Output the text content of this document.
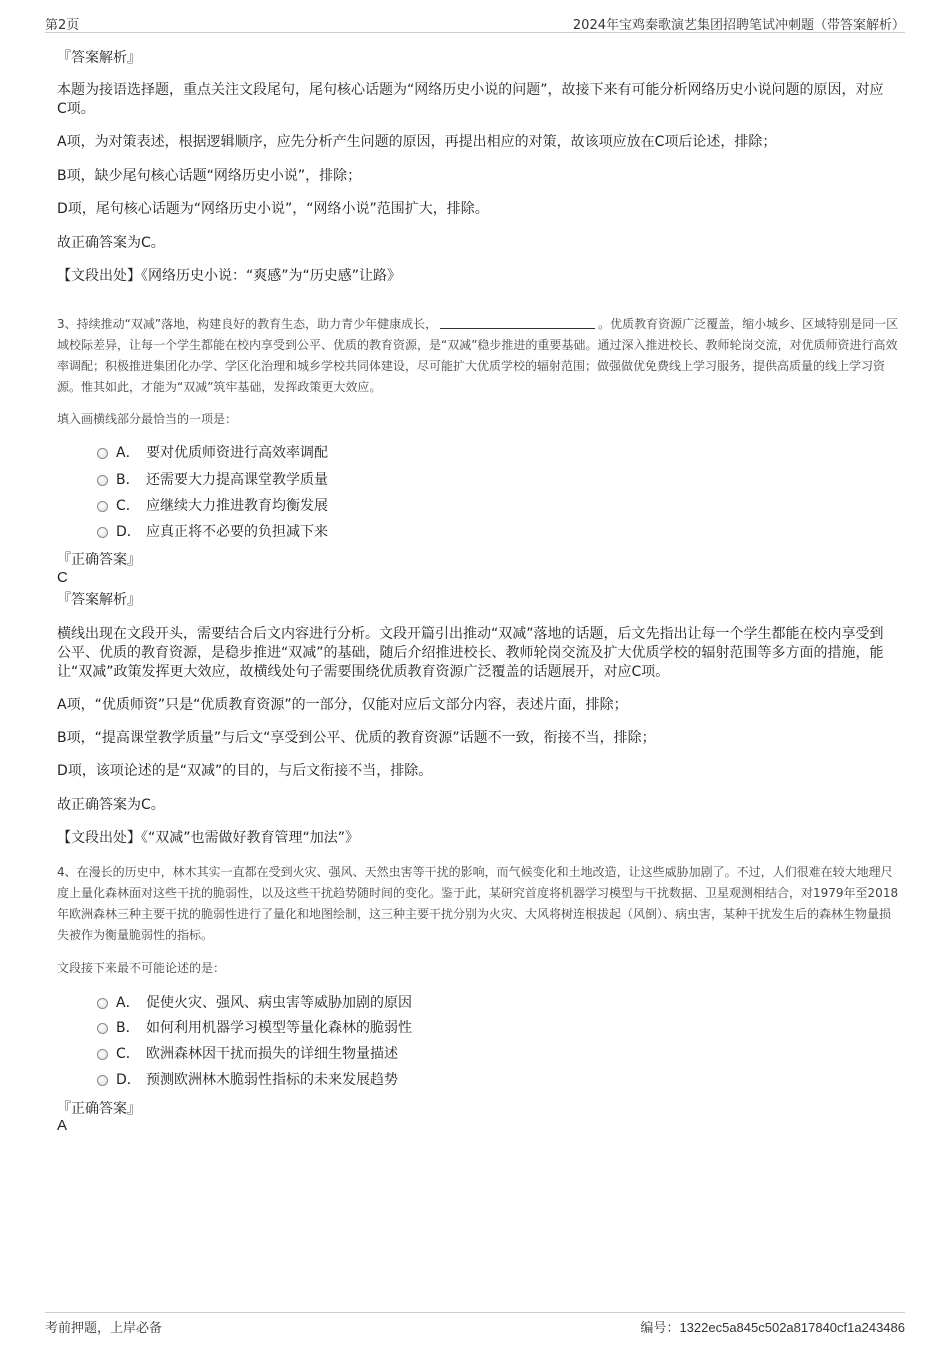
第2页	2024年宝鸡秦歌演艺集团招聘笔试冲刺题（带答案解析）
『答案解析』
本题为接语选择题，重点关注文段尾句，尾句核心话题为“网络历史小说的问题”，故接下来有可能分析网络历史小说问题的原因，对应C项。
A项，为对策表述，根据逻辑顺序，应先分析产生问题的原因，再提出相应的对策，故该项应放在C项后论述，排除；
B项，缺少尾句核心话题“网络历史小说”，排除；
D项，尾句核心话题为“网络历史小说”，“网络小说”范围扩大，排除。
故正确答案为C。
【文段出处】《网络历史小说：“爽感”为“历史感”让路》
3、持续推动“双减”落地，构建良好的教育生态，助力青少年健康成长，	。优质教育资源广泛覆盖，缩小城乡、区域特别是同一区域校际差异，让每一个学生都能在校内享受到公平、优质的教育资源，是“双减”稳步推进的重要基础。通过深入推进校长、教师轮岗交流，对优质师资进行高效率调配；积极推进集团化办学、学区化治理和城乡学校共同体建设，尽可能扩大优质学校的辐射范围；做强做优免费线上学习服务，提供高质量的线上学习资源。惟其如此，才能为“双减”筑牢基础，发挥政策更大效应。
填入画横线部分最恰当的一项是：
A． 要对优质师资进行高效率调配
B． 还需要大力提高课堂教学质量
C． 应继续大力推进教育均衡发展
D． 应真正将不必要的负担减下来
『正确答案』
C
『答案解析』
横线出现在文段开头，需要结合后文内容进行分析。文段开篇引出推动“双减”落地的话题，后文先指出让每一个学生都能在校内享受到公平、优质的教育资源，是稳步推进“双减”的基础，随后介绍推进校长、教师轮岗交流及扩大优质学校的辐射范围等多方面的措施，能让“双减”政策发挥更大效应，故横线处句子需要围绕优质教育资源广泛覆盖的话题展开，对应C项。
A项，“优质师资”只是“优质教育资源”的一部分，仅能对应后文部分内容，表述片面，排除；
B项，“提高课堂教学质量”与后文“享受到公平、优质的教育资源”话题不一致，衔接不当，排除；
D项，该项论述的是“双减”的目的，与后文衔接不当，排除。
故正确答案为C。
【文段出处】《“双减”也需做好教育管理“加法”》
4、在漫长的历史中，林木其实一直都在受到火灾、强风、天然虫害等干扰的影响，而气候变化和土地改造，让这些威胁加剧了。不过，人们很难在较大地理尺度上量化森林面对这些干扰的脆弱性，以及这些干扰趋势随时间的变化。鉴于此，某研究首度将机器学习模型与干扰数据、卫星观测相结合，对1979年至2018年欧洲森林三种主要干扰的脆弱性进行了量化和地图绘制，这三种主要干扰分别为火灾、大风将树连根拔起（风倒）、病虫害，某种干扰发生后的森林生物量损失被作为衡量脆弱性的指标。
文段接下来最不可能论述的是：
A． 促使火灾、强风、病虫害等威胁加剧的原因
B． 如何利用机器学习模型等量化森林的脆弱性
C． 欧洲森林因干扰而损失的详细生物量描述
D． 预测欧洲林木脆弱性指标的未来发展趋势
『正确答案』
A
考前押题，上岸必备	编号：1322ec5a845c502a817840cf1a243486
